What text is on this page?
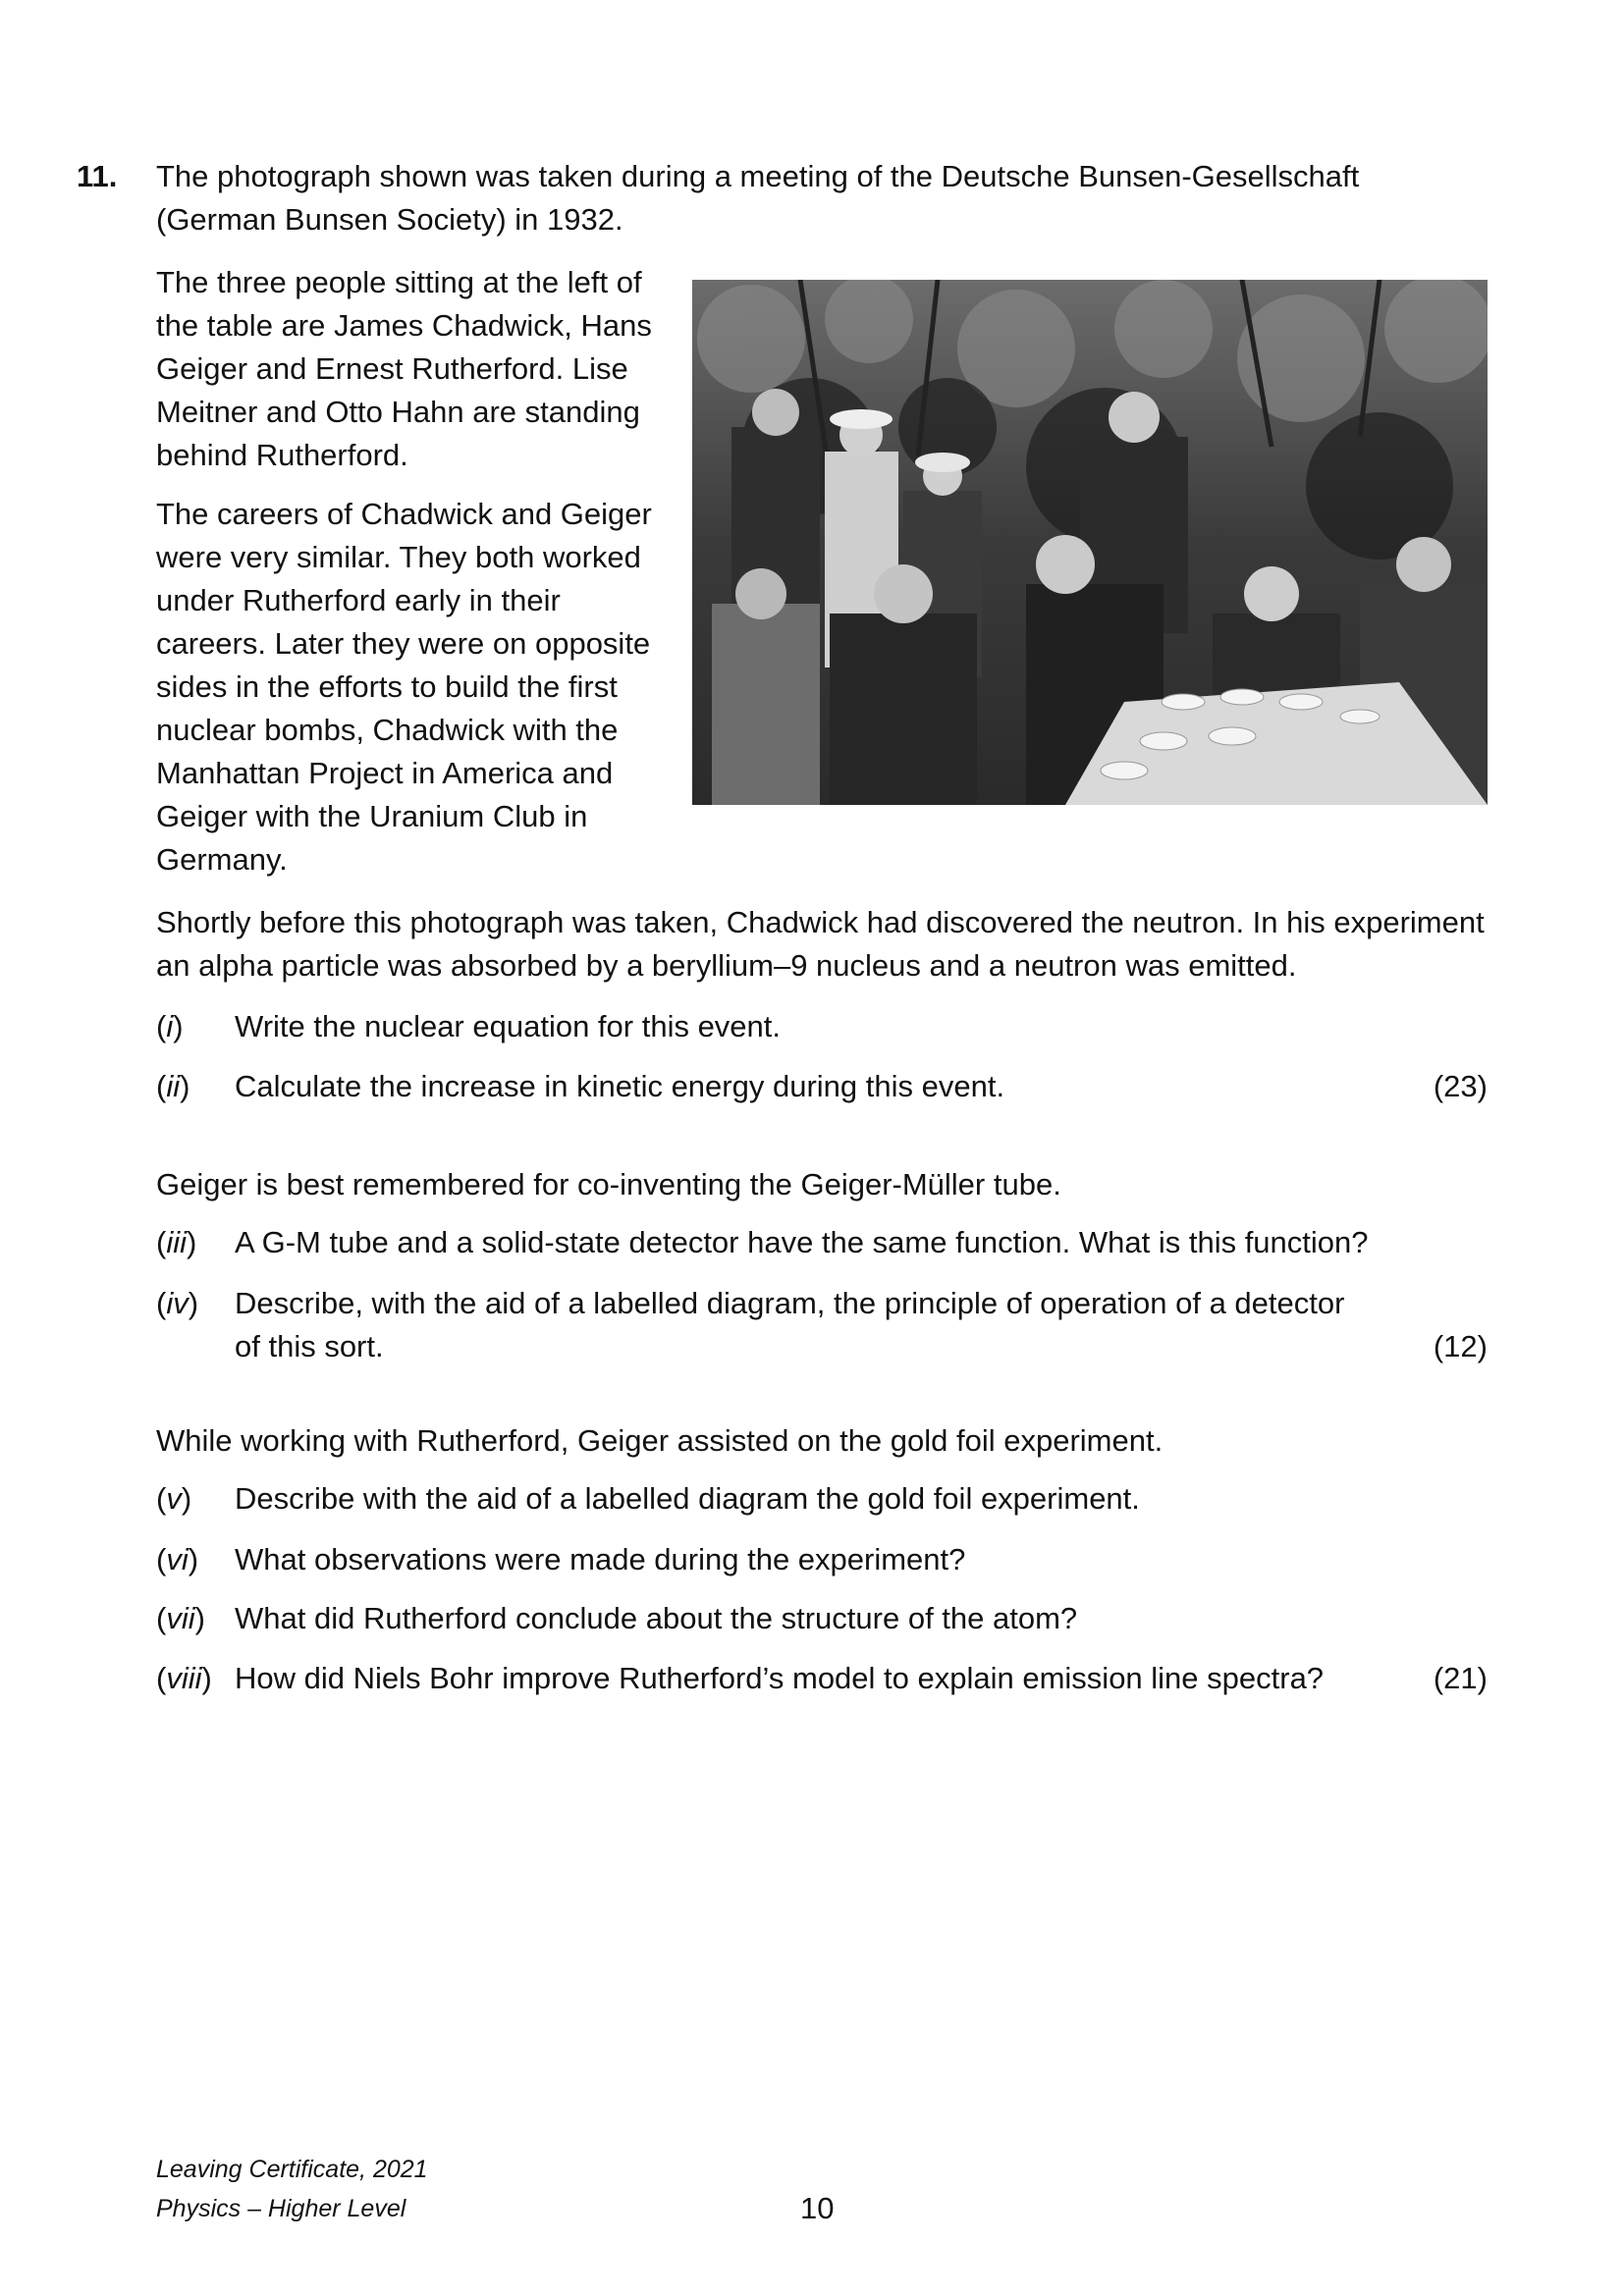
11. The photograph shown was taken during a meeting of the Deutsche Bunsen-Gesellschaft (German Bunsen Society) in 1932.

The three people sitting at the left of the table are James Chadwick, Hans Geiger and Ernest Rutherford. Lise Meitner and Otto Hahn are standing behind Rutherford.

The careers of Chadwick and Geiger were very similar. They both worked under Rutherford early in their careers. Later they were on opposite sides in the efforts to build the first nuclear bombs, Chadwick with the Manhattan Project in America and Geiger with the Uranium Club in Germany.

Shortly before this photograph was taken, Chadwick had discovered the neutron. In his experiment an alpha particle was absorbed by a beryllium–9 nucleus and a neutron was emitted.

(i) Write the nuclear equation for this event.
(ii) Calculate the increase in kinetic energy during this event.	(23)

Geiger is best remembered for co-inventing the Geiger-Müller tube.

(iii) A G-M tube and a solid-state detector have the same function. What is this function?
(iv) Describe, with the aid of a labelled diagram, the principle of operation of a detector of this sort.	(12)

While working with Rutherford, Geiger assisted on the gold foil experiment.

(v) Describe with the aid of a labelled diagram the gold foil experiment.
(vi) What observations were made during the experiment?
(vii) What did Rutherford conclude about the structure of the atom?
(viii) How did Niels Bohr improve Rutherford’s model to explain emission line spectra?	(21)
Leaving Certificate, 2021
Physics – Higher Level	10
